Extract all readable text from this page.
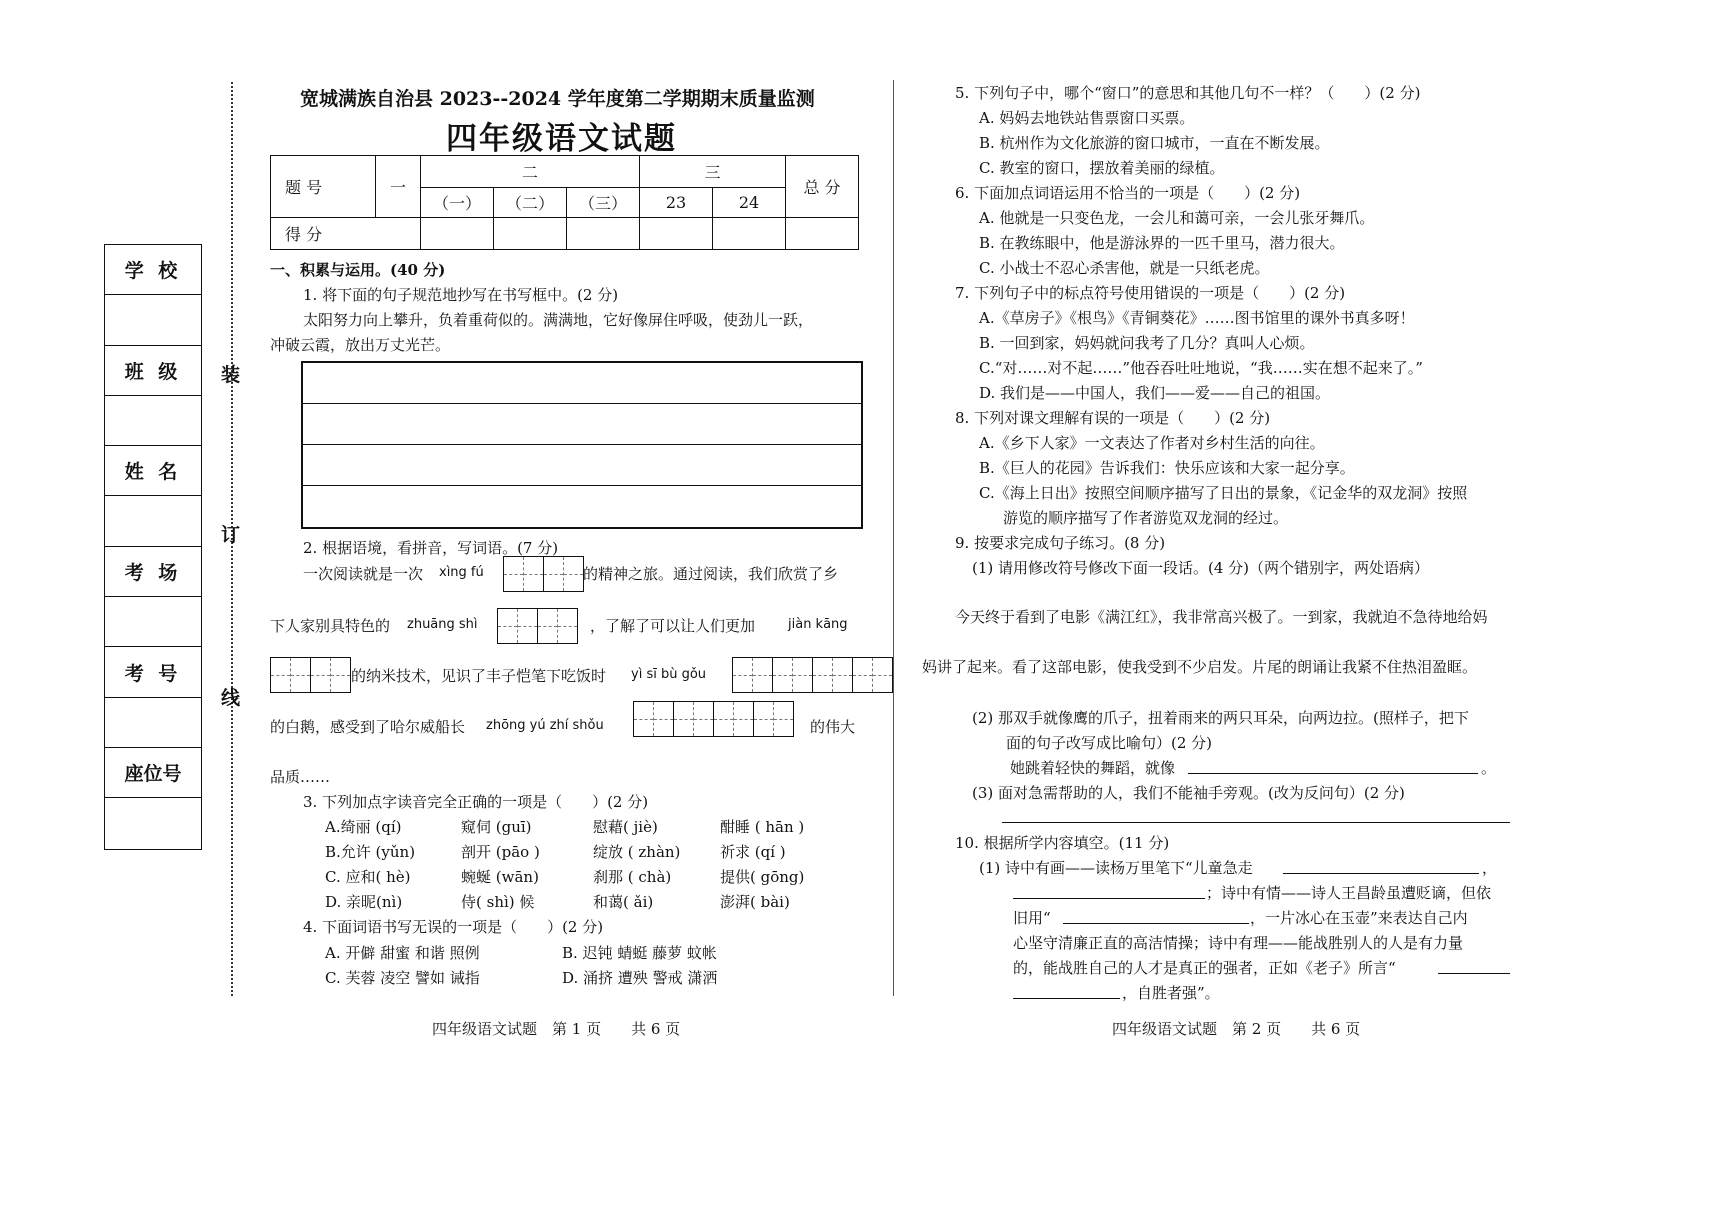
学 校
班 级
姓 名
考 场
考 号
座位号
装
订
线
宽城满族自治县 2023--2024 学年度第二学期期末质量监测
四年级语文试题
题 号	一	二			三		总 分
		（一）	（二）	（三）	23	24	
得 分							
一、积累与运用。(40 分)
1. 将下面的句子规范地抄写在书写框中。(2 分)
太阳努力向上攀升，负着重荷似的。满满地，它好像屏住呼吸，使劲儿一跃，
冲破云霞，放出万丈光芒。
2. 根据语境，看拼音，写词语。(7 分)
一次阅读就是一次 xìng fú	的精神之旅。通过阅读，我们欣赏了乡
下人家别具特色的 zhuāng shì	，了解了可以让人们更加	jiàn kāng
的纳米技术，见识了丰子恺笔下吃饭时 yì sī bù gǒu
的白鹅，感受到了哈尔威船长 zhōng yú zhí shǒu	的伟大
品质……
3. 下列加点字读音完全正确的一项是（　　）(2 分)
A.绮丽 (qí)	窥伺 (guī)	慰藉( jiè)	酣睡 ( hān )
B.允许 (yǔn)	剖开 (pāo )	绽放 ( zhàn)	祈求 (qí )
C. 应和( hè)	蜿蜒 (wān)	刹那 ( chà)	提供( gōng)
D. 亲昵(nì)	侍( shì) 候	和蔼( ǎi)	澎湃( bài)
4. 下面词语书写无误的一项是（　　）(2 分)
A. 开僻 甜蜜 和谐 照例	B. 迟钝 蜻蜓 藤萝 蚊帐
C. 芙蓉 凌空 譬如 诫指	D. 涌挤 遭殃 警戒 潇洒
四年级语文试题　第 1 页　　共 6 页
5. 下列句子中，哪个“窗口”的意思和其他几句不一样？（　　）(2 分)
A. 妈妈去地铁站售票窗口买票。
B. 杭州作为文化旅游的窗口城市，一直在不断发展。
C. 教室的窗口，摆放着美丽的绿植。
6. 下面加点词语运用不恰当的一项是（　　）(2 分)
A. 他就是一只变色龙，一会儿和蔼可亲，一会儿张牙舞爪。
B. 在教练眼中，他是游泳界的一匹千里马，潜力很大。
C. 小战士不忍心杀害他，就是一只纸老虎。
7. 下列句子中的标点符号使用错误的一项是（　　）(2 分)
A.《草房子》《根鸟》《青铜葵花》……图书馆里的课外书真多呀！
B. 一回到家，妈妈就问我考了几分？真叫人心烦。
C.“对……对不起……”他吞吞吐吐地说，“我……实在想不起来了。”
D. 我们是——中国人，我们——爱——自己的祖国。
8. 下列对课文理解有误的一项是（　　）(2 分)
A.《乡下人家》一文表达了作者对乡村生活的向往。
B.《巨人的花园》告诉我们：快乐应该和大家一起分享。
C.《海上日出》按照空间顺序描写了日出的景象，《记金华的双龙洞》按照
游览的顺序描写了作者游览双龙洞的经过。
9. 按要求完成句子练习。(8 分)
(1) 请用修改符号修改下面一段话。(4 分)（两个错别字，两处语病）
今天终于看到了电影《满江红》，我非常高兴极了。一到家，我就迫不急待地给妈
妈讲了起来。看了这部电影，使我受到不少启发。片尾的朗诵让我紧不住热泪盈眶。
(2) 那双手就像鹰的爪子，扭着雨来的两只耳朵，向两边拉。(照样子，把下
面的句子改写成比喻句）(2 分)
她跳着轻快的舞蹈，就像	。
(3) 面对急需帮助的人，我们不能袖手旁观。(改为反问句）(2 分)
10. 根据所学内容填空。(11 分)
(1) 诗中有画——读杨万里笔下“儿童急走	，
；诗中有情——诗人王昌龄虽遭贬谪，但依
旧用“	，一片冰心在玉壶”来表达自己内
心坚守清廉正直的高洁情操；诗中有理——能战胜别人的人是有力量
的，能战胜自己的人才是真正的强者，正如《老子》所言“
，自胜者强”。
四年级语文试题　第 2 页　　共 6 页
